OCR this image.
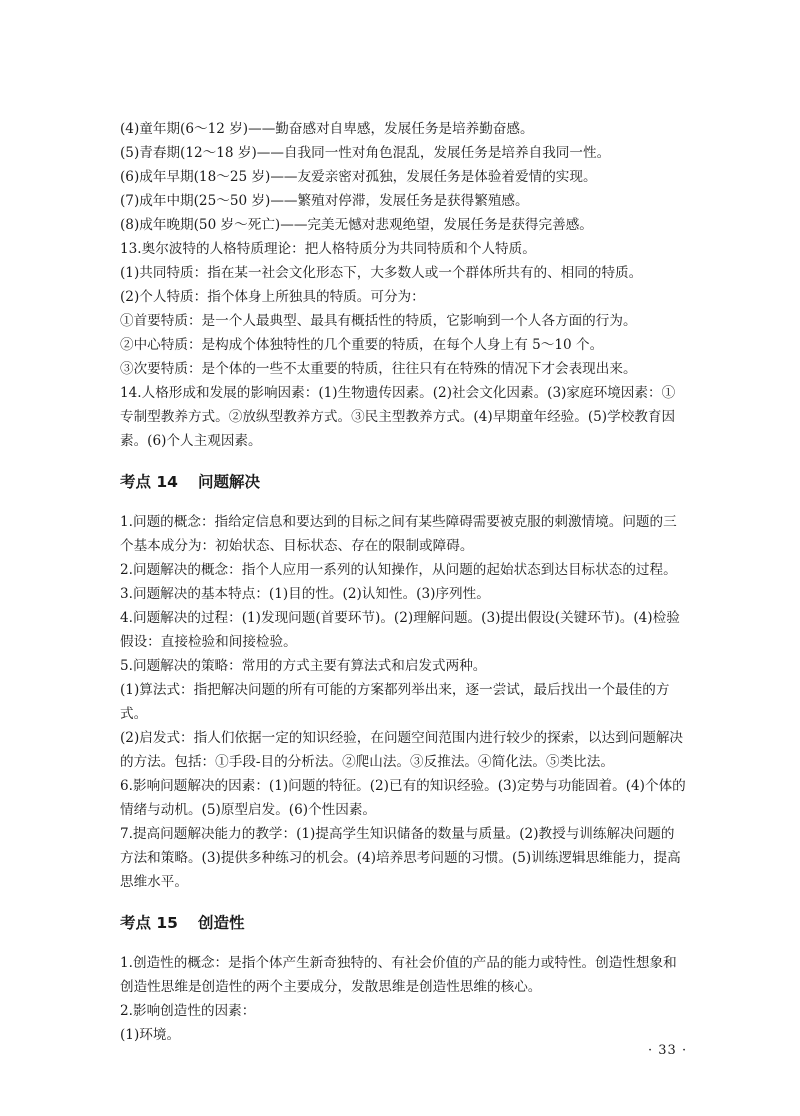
(4)童年期(6～12 岁)——勤奋感对自卑感，发展任务是培养勤奋感。

(5)青春期(12～18 岁)——自我同一性对角色混乱，发展任务是培养自我同一性。

(6)成年早期(18～25 岁)——友爱亲密对孤独，发展任务是体验着爱情的实现。

(7)成年中期(25～50 岁)——繁殖对停滞，发展任务是获得繁殖感。

(8)成年晚期(50 岁～死亡)——完美无憾对悲观绝望，发展任务是获得完善感。

13.奥尔波特的人格特质理论：把人格特质分为共同特质和个人特质。

(1)共同特质：指在某一社会文化形态下，大多数人或一个群体所共有的、相同的特质。

(2)个人特质：指个体身上所独具的特质。可分为：

①首要特质：是一个人最典型、最具有概括性的特质，它影响到一个人各方面的行为。

②中心特质：是构成个体独特性的几个重要的特质，在每个人身上有 5～10 个。

③次要特质：是个体的一些不太重要的特质，往往只有在特殊的情况下才会表现出来。

14.人格形成和发展的影响因素：(1)生物遗传因素。(2)社会文化因素。(3)家庭环境因素：①专制型教养方式。②放纵型教养方式。③民主型教养方式。(4)早期童年经验。(5)学校教育因素。(6)个人主观因素。

考点 14 问题解决

1.问题的概念：指给定信息和要达到的目标之间有某些障碍需要被克服的刺激情境。问题的三个基本成分为：初始状态、目标状态、存在的限制或障碍。

2.问题解决的概念：指个人应用一系列的认知操作，从问题的起始状态到达目标状态的过程。

3.问题解决的基本特点：(1)目的性。(2)认知性。(3)序列性。

4.问题解决的过程：(1)发现问题(首要环节)。(2)理解问题。(3)提出假设(关键环节)。(4)检验假设：直接检验和间接检验。

5.问题解决的策略：常用的方式主要有算法式和启发式两种。

(1)算法式：指把解决问题的所有可能的方案都列举出来，逐一尝试，最后找出一个最佳的方式。

(2)启发式：指人们依据一定的知识经验，在问题空间范围内进行较少的探索，以达到问题解决的方法。包括：①手段-目的分析法。②爬山法。③反推法。④简化法。⑤类比法。

6.影响问题解决的因素：(1)问题的特征。(2)已有的知识经验。(3)定势与功能固着。(4)个体的情绪与动机。(5)原型启发。(6)个性因素。

7.提高问题解决能力的教学：(1)提高学生知识储备的数量与质量。(2)教授与训练解决问题的方法和策略。(3)提供多种练习的机会。(4)培养思考问题的习惯。(5)训练逻辑思维能力，提高思维水平。

考点 15 创造性

1.创造性的概念：是指个体产生新奇独特的、有社会价值的产品的能力或特性。创造性想象和创造性思维是创造性的两个主要成分，发散思维是创造性思维的核心。

2.影响创造性的因素：

(1)环境。

· 33 ·
